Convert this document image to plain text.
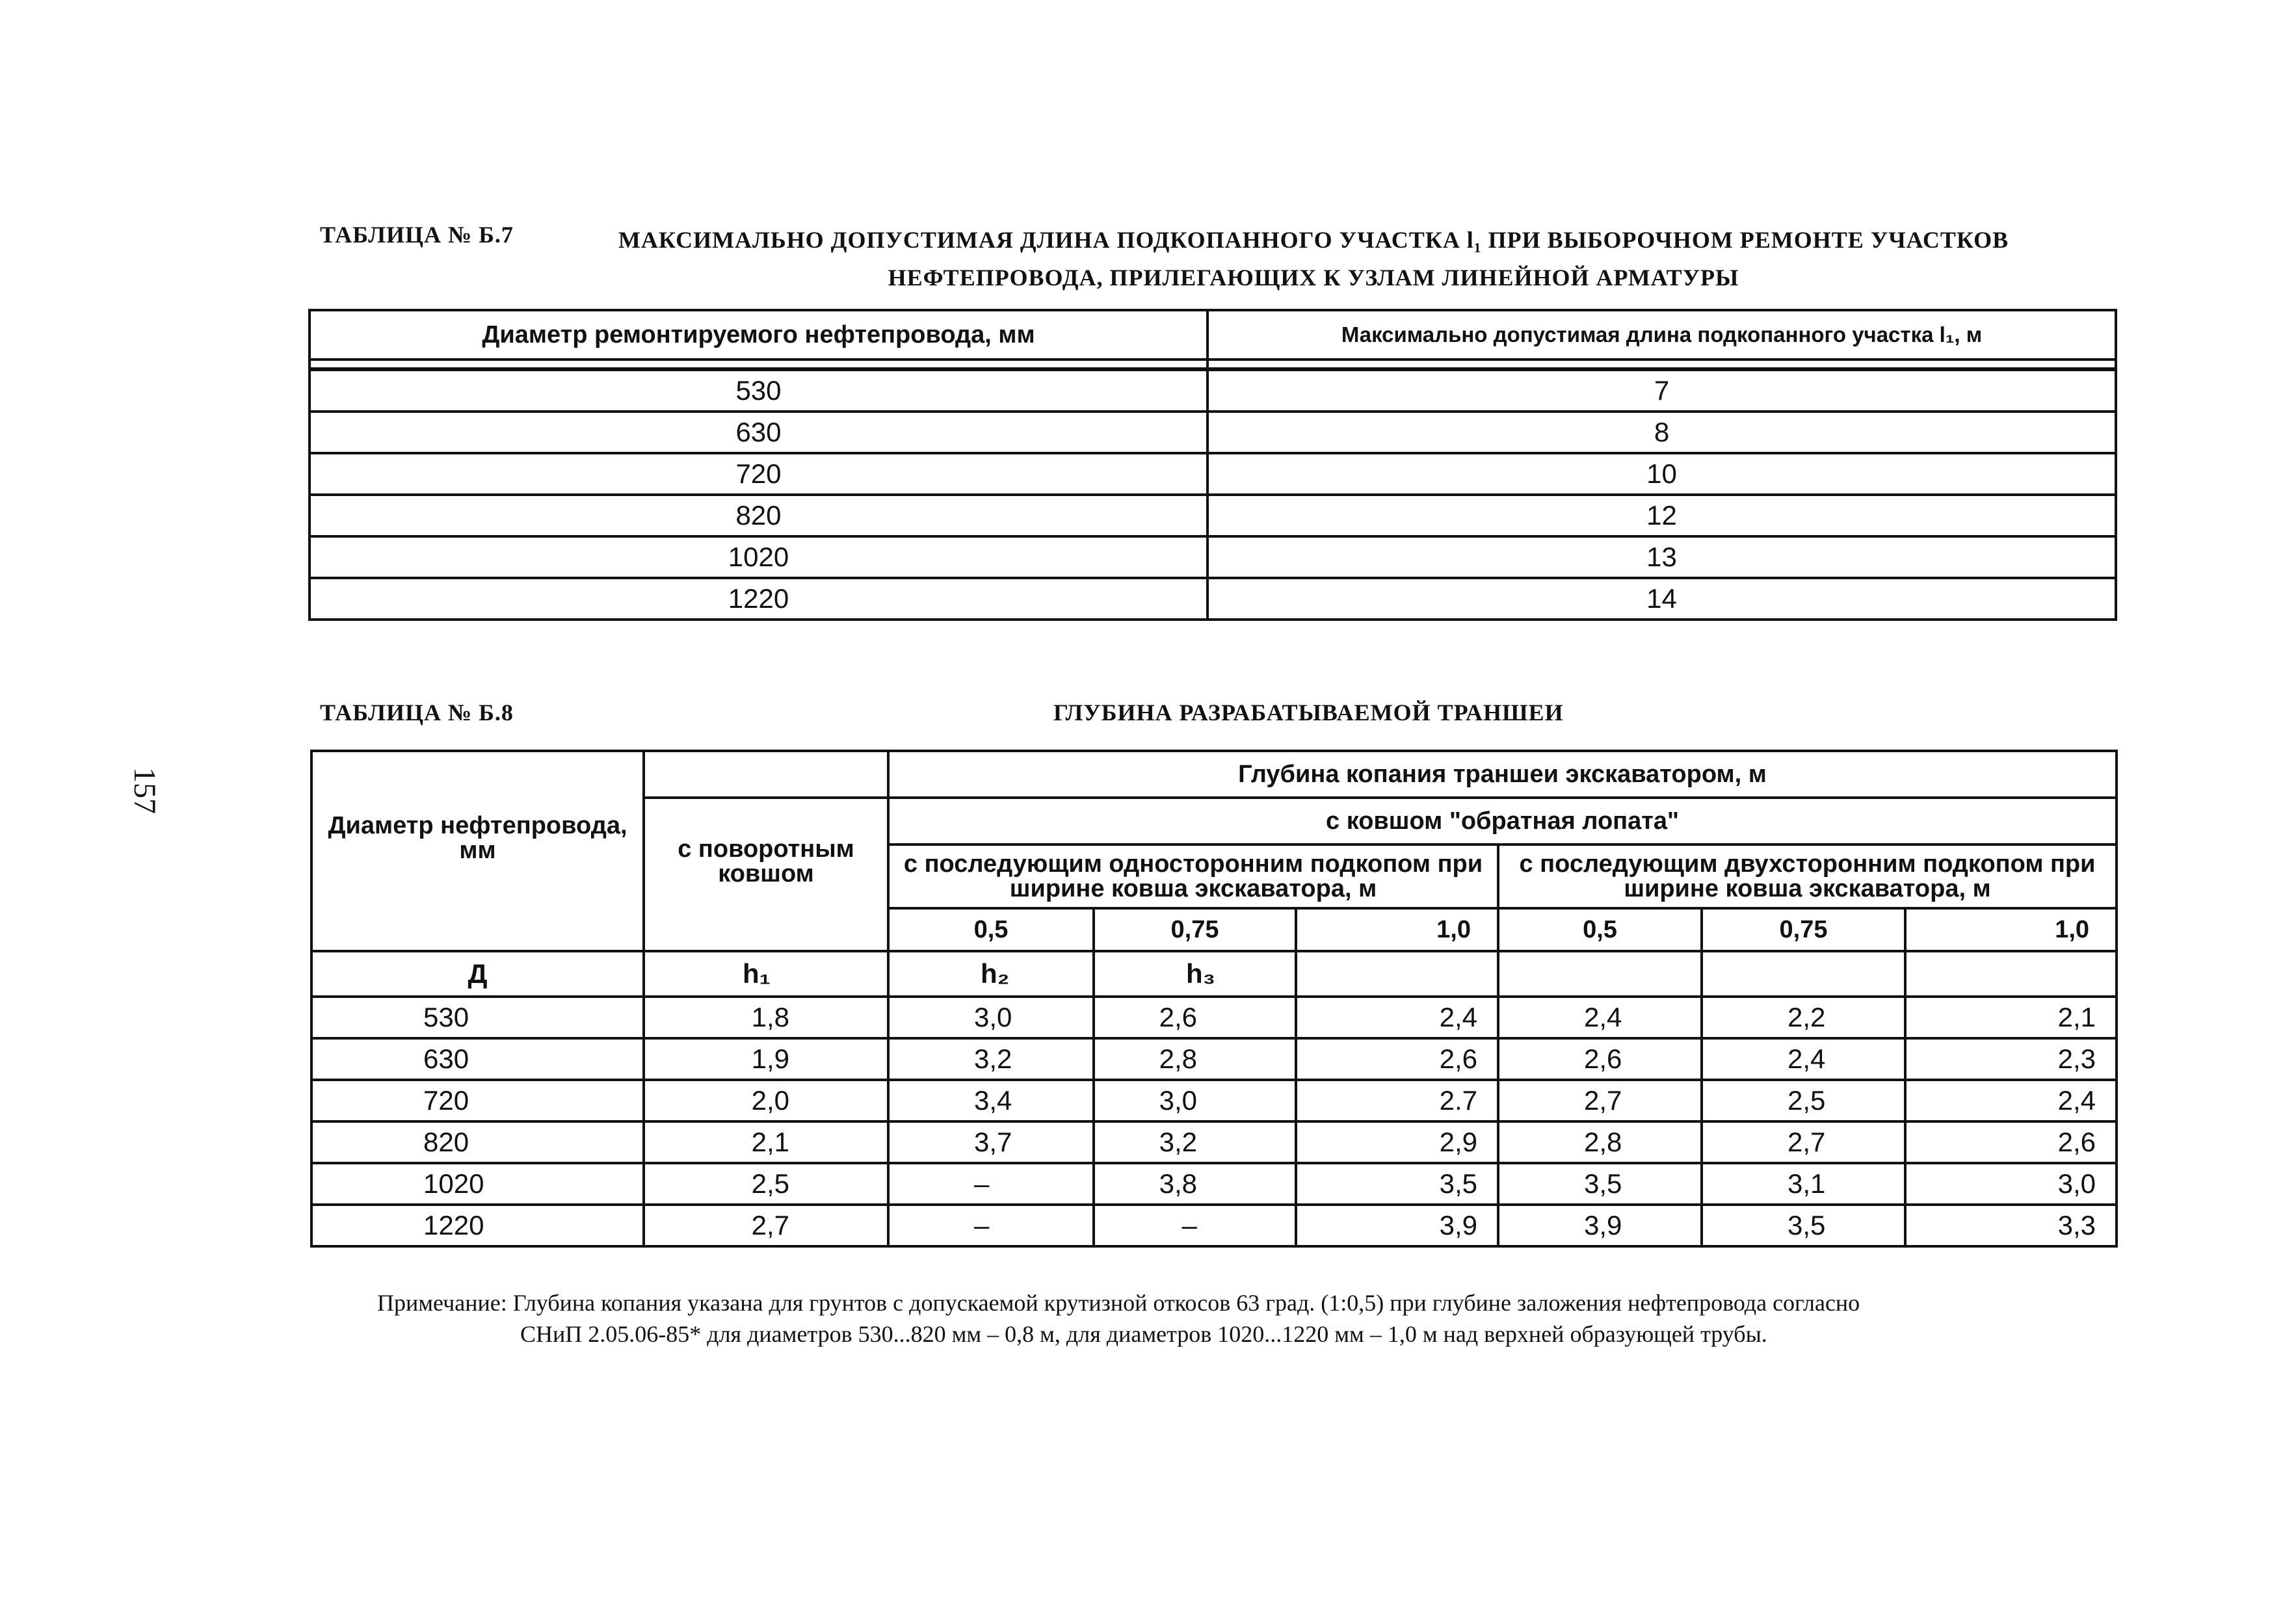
157
ТАБЛИЦА № Б.7	МАКСИМАЛЬНО ДОПУСТИМАЯ ДЛИНА ПОДКОПАННОГО УЧАСТКА l₁ ПРИ ВЫБОРОЧНОМ РЕМОНТЕ УЧАСТКОВ
НЕФТЕПРОВОДА, ПРИЛЕГАЮЩИХ К УЗЛАМ ЛИНЕЙНОЙ АРМАТУРЫ
Диаметр ремонтируемого нефтепровода, мм	Максимально допустимая длина подкопанного участка l₁, м

530	7
630	8
720	10
820	12
1020	13
1220	14
ТАБЛИЦА № Б.8	ГЛУБИНА РАЗРАБАТЫВАЕМОЙ ТРАНШЕИ
Диаметр нефтепровода, мм		Глубина копания траншеи экскаватором, м					
	с поворотным ковшом	с ковшом "обратная лопата"					
		с последующим односторонним подкопом при ширине ковша экскаватора, м			с последующим двухсторонним подкопом при ширине ковша экскаватора, м		
		0,5	0,75	1,0	0,5	0,75	1,0
Д	h₁	h₂	h₃				
530	1,8	3,0	2,6	2,4	2,4	2,2	2,1
630	1,9	3,2	2,8	2,6	2,6	2,4	2,3
720	2,0	3,4	3,0	2.7	2,7	2,5	2,4
820	2,1	3,7	3,2	2,9	2,8	2,7	2,6
1020	2,5	–	3,8	3,5	3,5	3,1	3,0
1220	2,7	–	–	3,9	3,9	3,5	3,3
Примечание: Глубина копания указана для грунтов с допускаемой крутизной откосов 63 град. (1:0,5) при глубине заложения нефтепровода согласно
СНиП 2.05.06-85* для диаметров 530...820 мм – 0,8 м, для диаметров 1020...1220 мм – 1,0 м над верхней образующей трубы.
